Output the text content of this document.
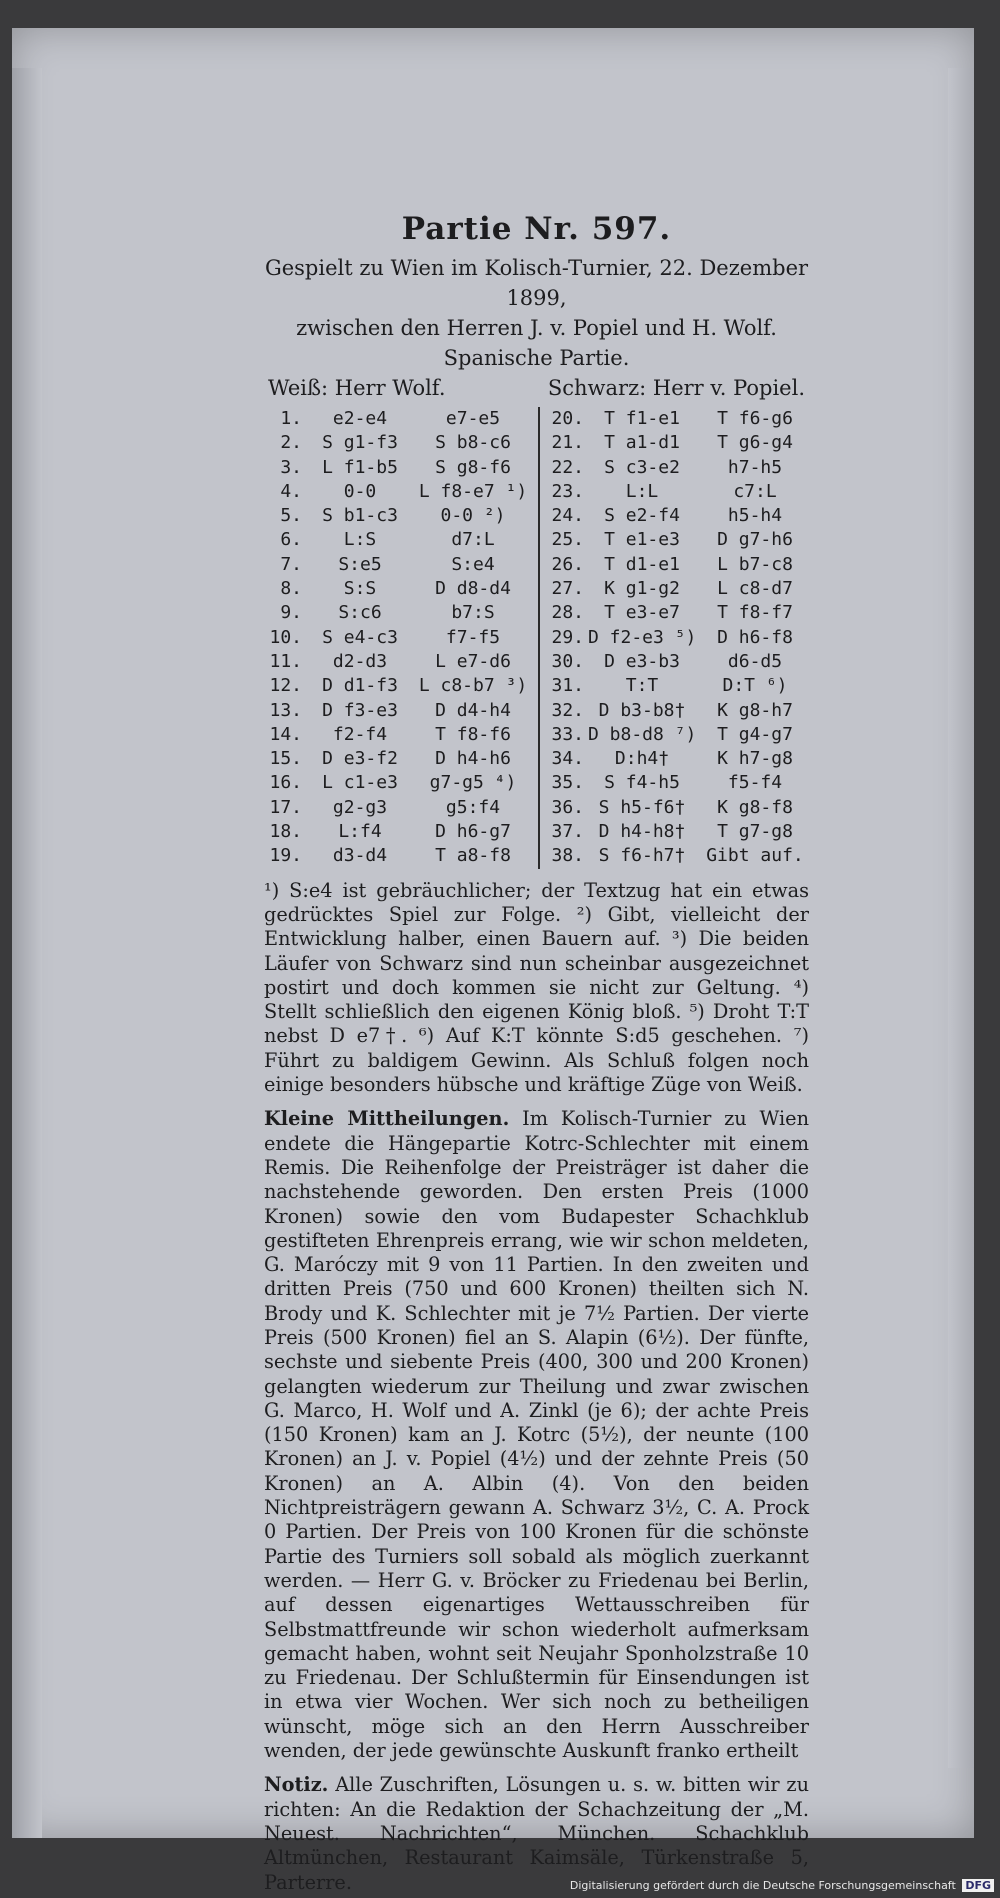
Partie Nr. 597.
Gespielt zu Wien im Kolisch-Turnier, 22. Dezember 1899,
zwischen den Herren J. v. Popiel und H. Wolf.
Spanische Partie.
Weiß: Herr Wolf.	Schwarz: Herr v. Popiel.
1.	e2-e4	e7-e5
2.	S g1-f3	S b8-c6
3.	L f1-b5	S g8-f6
4.	0-0	L f8-e7 ¹)
5.	S b1-c3	0-0 ²)
6.	L:S	d7:L
7.	S:e5	S:e4
8.	S:S	D d8-d4
9.	S:c6	b7:S
10.	S e4-c3	f7-f5
11.	d2-d3	L e7-d6
12.	D d1-f3	L c8-b7 ³)
13.	D f3-e3	D d4-h4
14.	f2-f4	T f8-f6
15.	D e3-f2	D h4-h6
16.	L c1-e3	g7-g5 ⁴)
17.	g2-g3	g5:f4
18.	L:f4	D h6-g7
19.	d3-d4	T a8-f8
20.	T f1-e1	T f6-g6
21.	T a1-d1	T g6-g4
22.	S c3-e2	h7-h5
23.	L:L	c7:L
24.	S e2-f4	h5-h4
25.	T e1-e3	D g7-h6
26.	T d1-e1	L b7-c8
27.	K g1-g2	L c8-d7
28.	T e3-e7	T f8-f7
29. D f2-e3 ⁵)	D h6-f8
30.	D e3-b3	d6-d5
31.	T:T	D:T ⁶)
32. D b3-b8†	K g8-h7
33. D b8-d8 ⁷)	T g4-g7
34.	D:h4†	K h7-g8
35.	S f4-h5	f5-f4
36. S h5-f6†	K g8-f8
37. D h4-h8†	T g7-g8
38. S f6-h7†	Gibt auf.

¹) S:e4 ist gebräuchlicher; der Textzug hat ein etwas gedrücktes Spiel zur Folge. ²) Gibt, vielleicht der Entwicklung halber, einen Bauern auf. ³) Die beiden Läufer von Schwarz sind nun scheinbar ausgezeichnet postirt und doch kommen sie nicht zur Geltung. ⁴) Stellt schließlich den eigenen König bloß. ⁵) Droht T:T nebst D e7†. ⁶) Auf K:T könnte S:d5 geschehen. ⁷) Führt zu baldigem Gewinn. Als Schluß folgen noch einige besonders hübsche und kräftige Züge von Weiß.

Kleine Mittheilungen. Im Kolisch-Turnier zu Wien endete die Hängepartie Kotrc-Schlechter mit einem Remis. Die Reihenfolge der Preisträger ist daher die nachstehende geworden. Den ersten Preis (1000 Kronen) sowie den vom Budapester Schachklub gestifteten Ehrenpreis errang, wie wir schon meldeten, G. Maróczy mit 9 von 11 Partien. In den zweiten und dritten Preis (750 und 600 Kronen) theilten sich N. Brody und K. Schlechter mit je 7½ Partien. Der vierte Preis (500 Kronen) fiel an S. Alapin (6½). Der fünfte, sechste und siebente Preis (400, 300 und 200 Kronen) gelangten wiederum zur Theilung und zwar zwischen G. Marco, H. Wolf und A. Zinkl (je 6); der achte Preis (150 Kronen) kam an J. Kotrc (5½), der neunte (100 Kronen) an J. v. Popiel (4½) und der zehnte Preis (50 Kronen) an A. Albin (4). Von den beiden Nichtpreisträgern gewann A. Schwarz 3½, C. A. Prock 0 Partien. Der Preis von 100 Kronen für die schönste Partie des Turniers soll sobald als möglich zuerkannt werden. — Herr G. v. Bröcker zu Friedenau bei Berlin, auf dessen eigenartiges Wettausschreiben für Selbstmattfreunde wir schon wiederholt aufmerksam gemacht haben, wohnt seit Neujahr Sponholzstraße 10 zu Friedenau. Der Schlußtermin für Einsendungen ist in etwa vier Wochen. Wer sich noch zu betheiligen wünscht, möge sich an den Herrn Ausschreiber wenden, der jede gewünschte Auskunft franko ertheilt

Notiz. Alle Zuschriften, Lösungen u. s. w. bitten wir zu richten: An die Redaktion der Schachzeitung der „M. Neuest. Nachrichten“, München. Schachklub Altmünchen, Restaurant Kaimsäle, Türkenstraße 5, Parterre.	Digitalisierung gefördert durch die Deutsche Forschungsgemeinschaft DFG
